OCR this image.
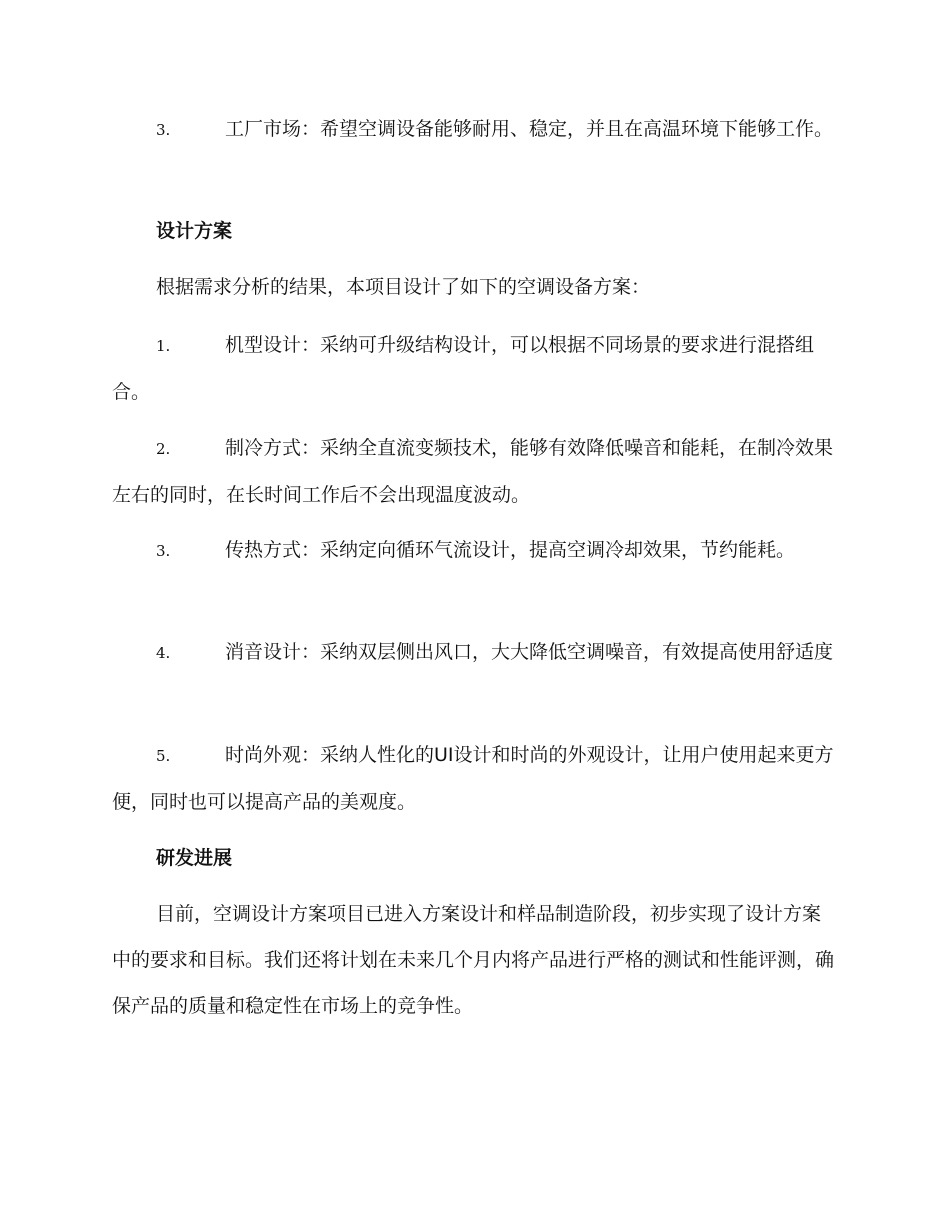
3.	工厂市场：希望空调设备能够耐用、稳定，并且在高温环境下能够工作。

设计方案
根据需求分析的结果，本项目设计了如下的空调设备方案：

1.	机型设计：采纳可升级结构设计，可以根据不同场景的要求进行混搭组合。

2.	制冷方式：采纳全直流变频技术，能够有效降低噪音和能耗，在制冷效果左右的同时，在长时间工作后不会出现温度波动。

3.	传热方式：采纳定向循环气流设计，提高空调冷却效果，节约能耗。

4.	消音设计：采纳双层侧出风口，大大降低空调噪音，有效提高使用舒适度

5.	时尚外观：采纳人性化的UI设计和时尚的外观设计，让用户使用起来更方便，同时也可以提高产品的美观度。

研发进展
目前，空调设计方案项目已进入方案设计和样品制造阶段，初步实现了设计方案中的要求和目标。我们还将计划在未来几个月内将产品进行严格的测试和性能评测，确保产品的质量和稳定性在市场上的竞争性。
